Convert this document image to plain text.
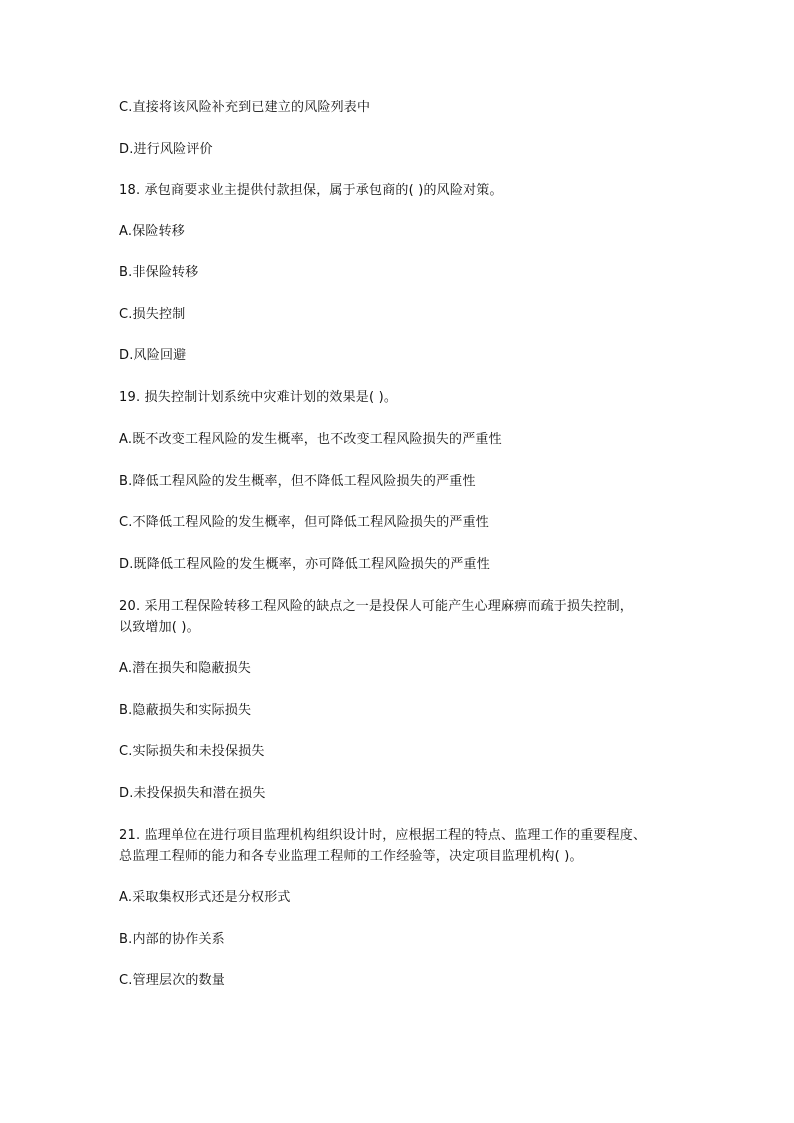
C.直接将该风险补充到已建立的风险列表中
D.进行风险评价
18. 承包商要求业主提供付款担保，属于承包商的( )的风险对策。
A.保险转移
B.非保险转移
C.损失控制
D.风险回避
19. 损失控制计划系统中灾难计划的效果是( )。
A.既不改变工程风险的发生概率，也不改变工程风险损失的严重性
B.降低工程风险的发生概率，但不降低工程风险损失的严重性
C.不降低工程风险的发生概率，但可降低工程风险损失的严重性
D.既降低工程风险的发生概率，亦可降低工程风险损失的严重性
20. 采用工程保险转移工程风险的缺点之一是投保人可能产生心理麻痹而疏于损失控制，
以致增加( )。
A.潜在损失和隐蔽损失
B.隐蔽损失和实际损失
C.实际损失和未投保损失
D.未投保损失和潜在损失
21. 监理单位在进行项目监理机构组织设计时，应根据工程的特点、监理工作的重要程度、
总监理工程师的能力和各专业监理工程师的工作经验等，决定项目监理机构( )。
A.采取集权形式还是分权形式
B.内部的协作关系
C.管理层次的数量
